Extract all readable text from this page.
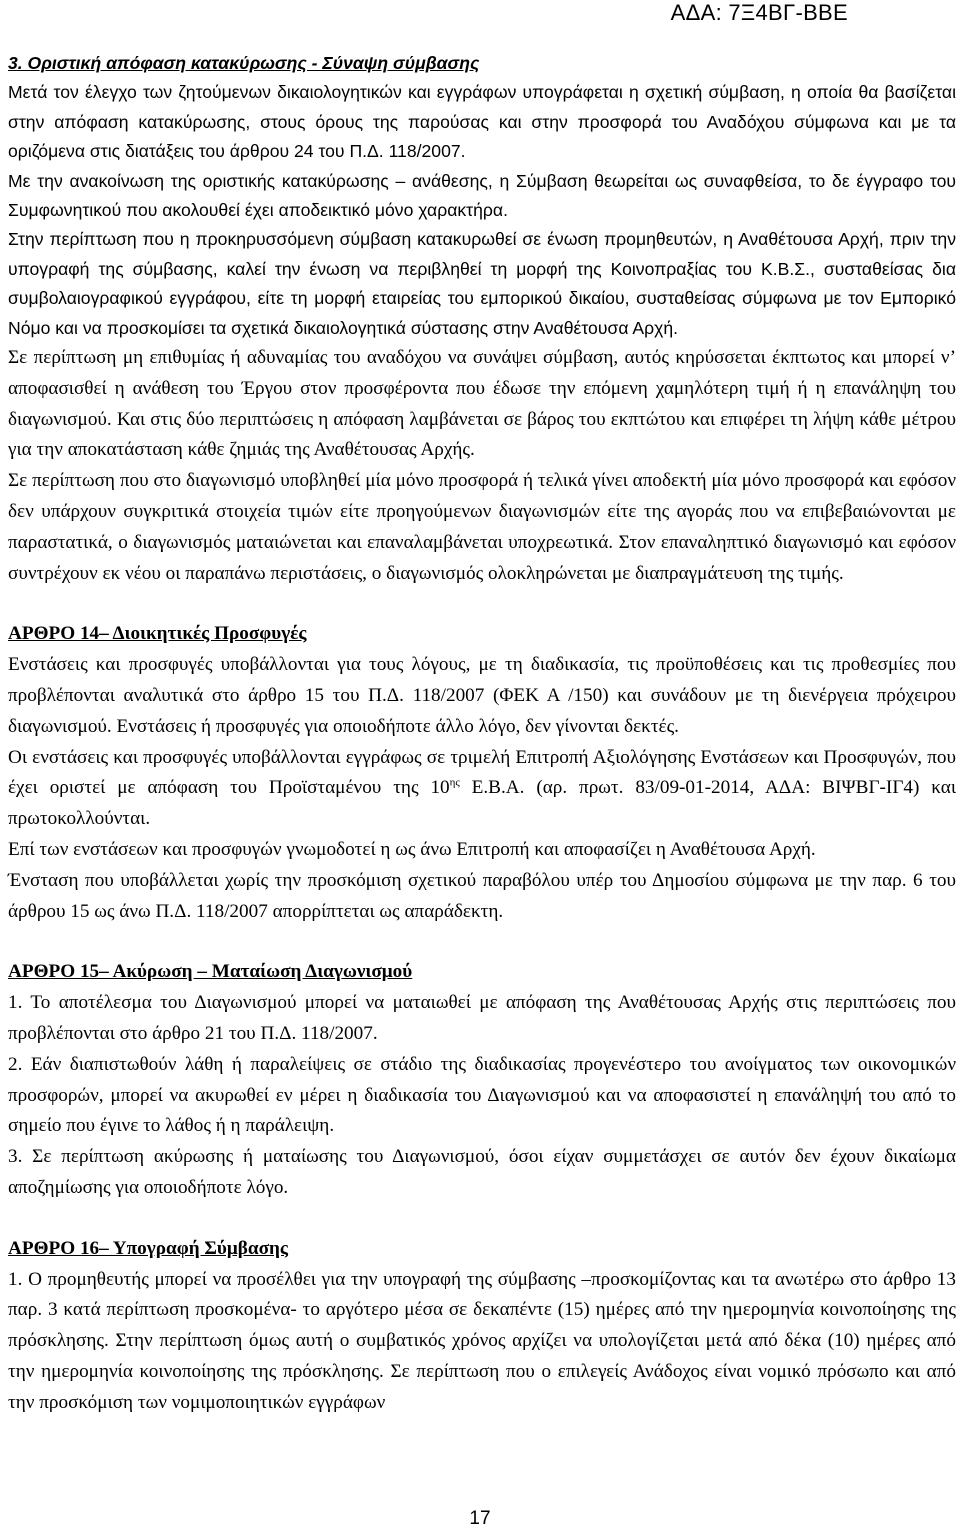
ΑΔΑ: 7Ξ4ΒΓ-ΒΒΕ
3. Οριστική απόφαση κατακύρωσης - Σύναψη σύμβασης

Μετά τον έλεγχο των ζητούμενων δικαιολογητικών και εγγράφων υπογράφεται η σχετική σύμβαση, η οποία θα βασίζεται στην απόφαση κατακύρωσης, στους όρους της παρούσας και στην προσφορά του Αναδόχου σύμφωνα και με τα οριζόμενα στις διατάξεις του άρθρου 24 του Π.Δ. 118/2007.

Με την ανακοίνωση της οριστικής κατακύρωσης – ανάθεσης, η Σύμβαση θεωρείται ως συναφθείσα, το δε έγγραφο του Συμφωνητικού που ακολουθεί έχει αποδεικτικό μόνο χαρακτήρα.

Στην περίπτωση που η προκηρυσσόμενη σύμβαση κατακυρωθεί σε ένωση προμηθευτών, η Αναθέτουσα Αρχή, πριν την υπογραφή της σύμβασης, καλεί την ένωση να περιβληθεί τη μορφή της Κοινοπραξίας του Κ.Β.Σ., συσταθείσας δια συμβολαιογραφικού εγγράφου, είτε τη μορφή εταιρείας του εμπορικού δικαίου, συσταθείσας σύμφωνα με τον Εμπορικό Νόμο και να προσκομίσει τα σχετικά δικαιολογητικά σύστασης στην Αναθέτουσα Αρχή.

Σε περίπτωση μη επιθυμίας ή αδυναμίας του αναδόχου να συνάψει σύμβαση, αυτός κηρύσσεται έκπτωτος και μπορεί ν’ αποφασισθεί η ανάθεση του Έργου στον προσφέροντα που έδωσε την επόμενη χαμηλότερη τιμή ή η επανάληψη του διαγωνισμού. Και στις δύο περιπτώσεις η απόφαση λαμβάνεται σε βάρος του εκπτώτου και επιφέρει τη λήψη κάθε μέτρου για την αποκατάσταση κάθε ζημιάς της Αναθέτουσας Αρχής.

Σε περίπτωση που στο διαγωνισμό υποβληθεί μία μόνο προσφορά ή τελικά γίνει αποδεκτή μία μόνο προσφορά και εφόσον δεν υπάρχουν συγκριτικά στοιχεία τιμών είτε προηγούμενων διαγωνισμών είτε της αγοράς που να επιβεβαιώνονται με παραστατικά, ο διαγωνισμός ματαιώνεται και επαναλαμβάνεται υποχρεωτικά. Στον επαναληπτικό διαγωνισμό και εφόσον συντρέχουν εκ νέου οι παραπάνω περιστάσεις, ο διαγωνισμός ολοκληρώνεται με διαπραγμάτευση της τιμής.

ΑΡΘΡΟ 14– Διοικητικές Προσφυγές

Ενστάσεις και προσφυγές υποβάλλονται για τους λόγους, με τη διαδικασία, τις προϋποθέσεις και τις προθεσμίες που προβλέπονται αναλυτικά στο άρθρο 15 του Π.Δ. 118/2007 (ΦΕΚ Α /150) και συνάδουν με τη διενέργεια πρόχειρου διαγωνισμού. Ενστάσεις ή προσφυγές για οποιοδήποτε άλλο λόγο, δεν γίνονται δεκτές.

Οι ενστάσεις και προσφυγές υποβάλλονται εγγράφως σε τριμελή Επιτροπή Αξιολόγησης Ενστάσεων και Προσφυγών, που έχει οριστεί με απόφαση του Προϊσταμένου της $10^{\eta\varsigma}$ Ε.Β.Α. (αρ. πρωτ. 83/09-01-2014, ΑΔΑ: ΒΙΨΒΓ-ΙΓ4) και πρωτοκολλούνται.

Επί των ενστάσεων και προσφυγών γνωμοδοτεί η ως άνω Επιτροπή και αποφασίζει η Αναθέτουσα Αρχή.

Ένσταση που υποβάλλεται χωρίς την προσκόμιση σχετικού παραβόλου υπέρ του Δημοσίου σύμφωνα με την παρ. 6 του άρθρου 15 ως άνω Π.Δ. 118/2007 απορρίπτεται ως απαράδεκτη.

ΑΡΘΡΟ 15– Ακύρωση – Ματαίωση Διαγωνισμού

1. Το αποτέλεσμα του Διαγωνισμού μπορεί να ματαιωθεί με απόφαση της Αναθέτουσας Αρχής στις περιπτώσεις που προβλέπονται στο άρθρο 21 του Π.Δ. 118/2007.

2. Εάν διαπιστωθούν λάθη ή παραλείψεις σε στάδιο της διαδικασίας προγενέστερο του ανοίγματος των οικονομικών προσφορών, μπορεί να ακυρωθεί εν μέρει η διαδικασία του Διαγωνισμού και να αποφασιστεί η επανάληψή του από το σημείο που έγινε το λάθος ή η παράλειψη.

3. Σε περίπτωση ακύρωσης ή ματαίωσης του Διαγωνισμού, όσοι είχαν συμμετάσχει σε αυτόν δεν έχουν δικαίωμα αποζημίωσης για οποιοδήποτε λόγο.

ΑΡΘΡΟ 16– Υπογραφή Σύμβασης

1. Ο προμηθευτής μπορεί να προσέλθει για την υπογραφή της σύμβασης –προσκομίζοντας και τα ανωτέρω στο άρθρο 13 παρ. 3 κατά περίπτωση προσκομένα- το αργότερο μέσα σε δεκαπέντε (15) ημέρες από την ημερομηνία κοινοποίησης της πρόσκλησης. Στην περίπτωση όμως αυτή ο συμβατικός χρόνος αρχίζει να υπολογίζεται μετά από δέκα (10) ημέρες από την ημερομηνία κοινοποίησης της πρόσκλησης. Σε περίπτωση που ο επιλεγείς Ανάδοχος είναι νομικό πρόσωπο και από την προσκόμιση των νομιμοποιητικών εγγράφων

17
